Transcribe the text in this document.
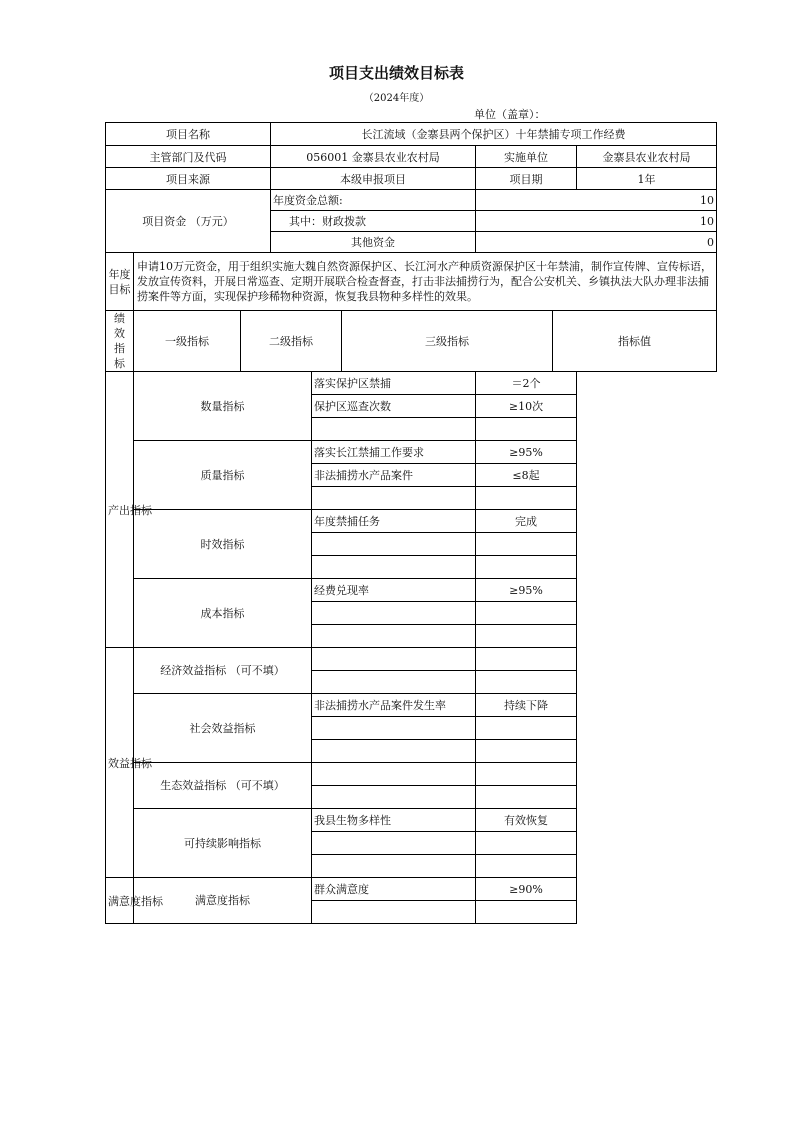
项目支出绩效目标表
（2024年度）
单位（盖章）：
项目名称			长江流域（金寨县两个保护区）十年禁捕专项工作经费					
主管部门及代码			056001 金寨县农业农村局			实施单位		金寨县农业农村局
项目来源			本级申报项目			项目期		1年
项目资金 （万元）			年度资金总额:			10		
			其中：财政拨款			10		
			其他资金			0		
年度 目标	申请10万元资金，用于组织实施大魏自然资源保护区、长江河水产种质资源保护区十年禁浦，制作宣传牌、宣传标语，发放宣传资料，开展日常巡查、定期开展联合检查督查，打击非法捕捞行为，配合公安机关、乡镇执法大队办理非法捕捞案件等方面，实现保护珍稀物种资源，恢复我县物种多样性的效果。							
绩 效 指 标	一级指标	二级指标			三级指标		指标值	
产出指标	数量指标			落实保护区禁捕		＝2个		
				保护区巡查次数		≥10次		

	质量指标			落实长江禁捕工作要求		≥95%		
				非法捕捞水产品案件		≤8起		

	时效指标			年度禁捕任务		完成		

	成本指标			经费兑现率		≥95%		

效益指标	经济效益指标 （可不填）							

	社会效益指标			非法捕捞水产品案件发生率		持续下降		

	生态效益指标 （可不填）							

	可持续影响指标			我县生物多样性		有效恢复		

满意度指标	满意度指标			群众满意度		≥90%		
